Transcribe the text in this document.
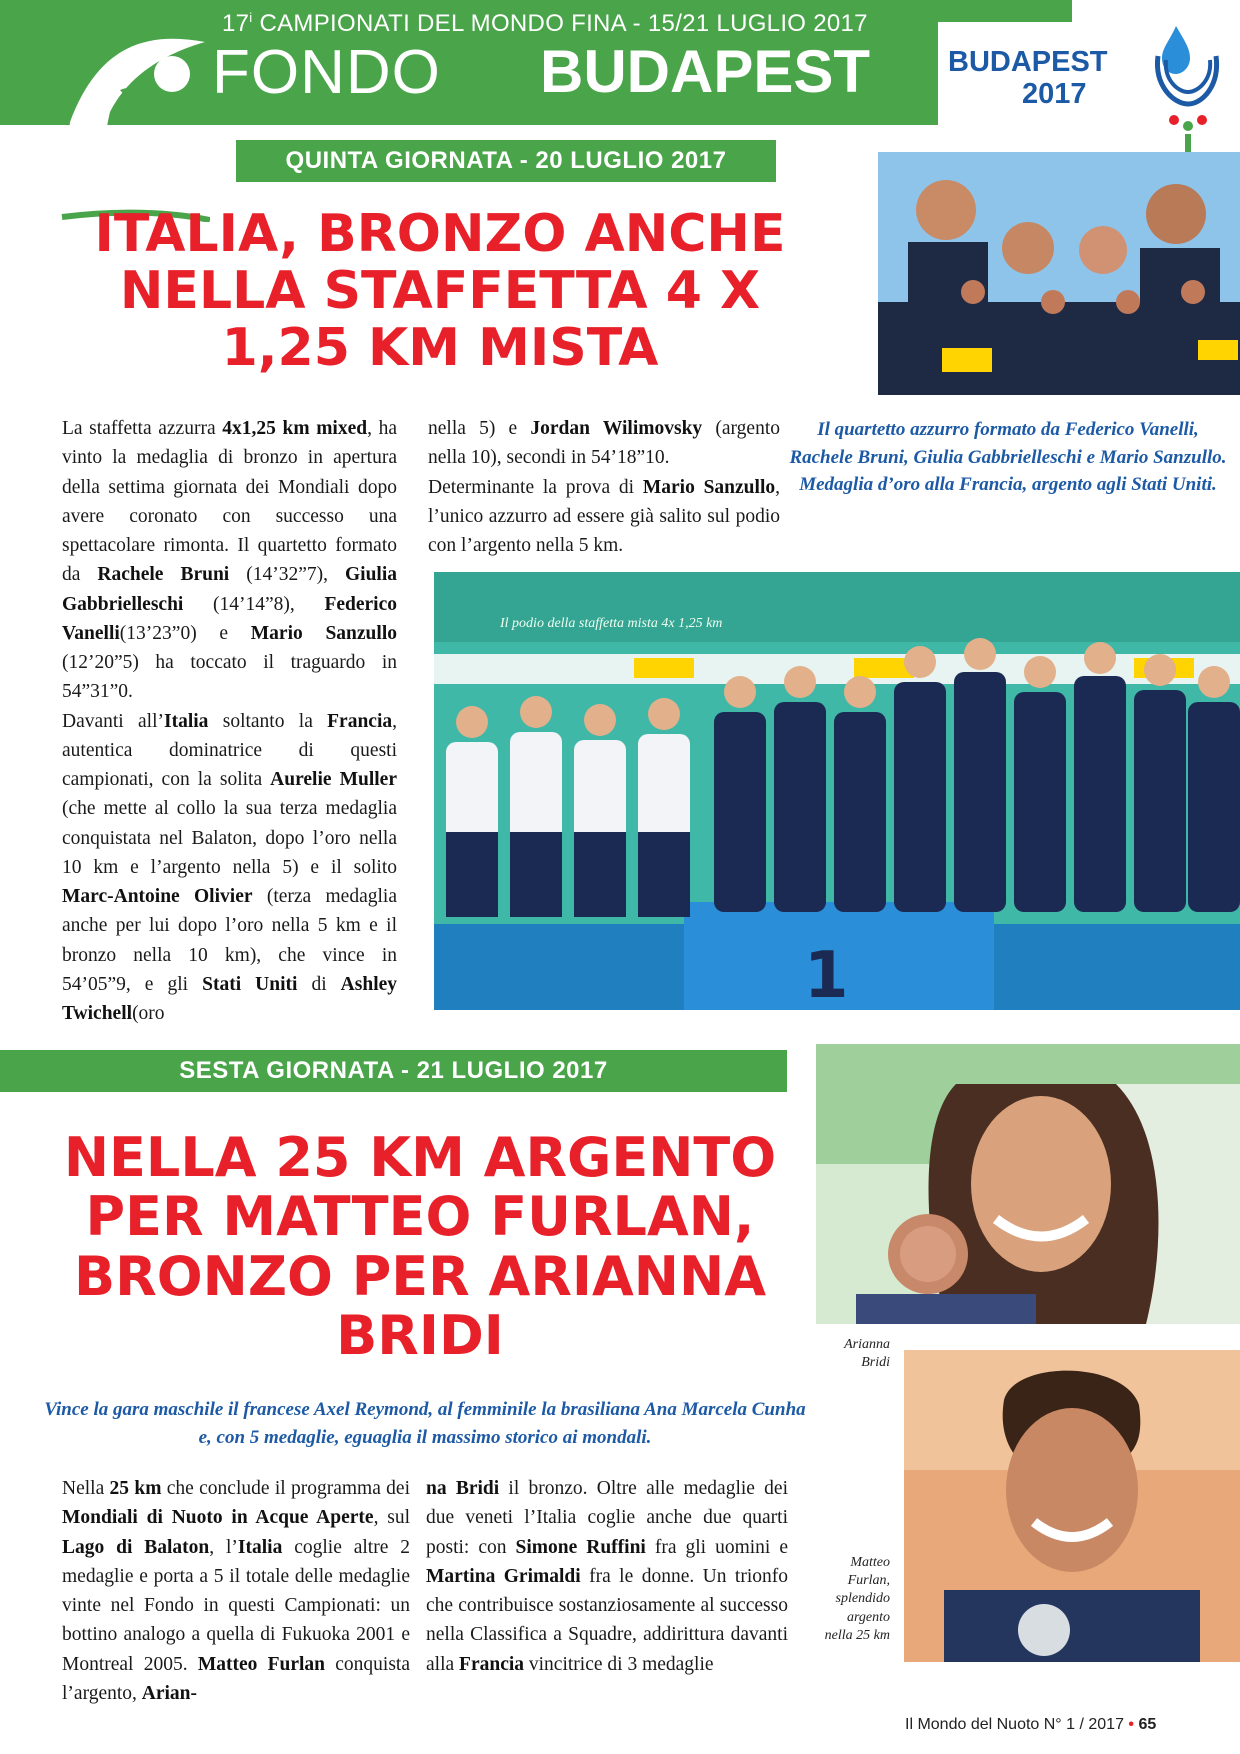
17$^i$ CAMPIONATI DEL MONDO FINA - 15/21 LUGLIO 2017
FONDO BUDAPEST	BUDAPEST
2017
QUINTA GIORNATA - 20 LUGLIO 2017
ITALIA, BRONZO ANCHE
NELLA STAFFETTA 4 X
1,25 KM MISTA
Il quartetto azzurro formato da Federico Vanelli, Rachele Bruni, Giulia Gabbrielleschi e Mario Sanzullo. Medaglia d’oro alla Francia, argento agli Stati Uniti.

La staffetta azzurra 4x1,25 km mixed, ha vinto la medaglia di bronzo in apertura della settima giornata dei Mondiali dopo avere coronato con successo una spettacolare rimonta. Il quartetto formato da Rachele Bruni (14’32”7), Giulia Gabbrielleschi (14’14”8), Federico Vanelli(13’23”0) e Mario Sanzullo (12’20”5) ha toccato il traguardo in 54”31”0.

Davanti all’Italia soltanto la Francia, autentica dominatrice di questi campionati, con la solita Aurelie Muller (che mette al collo la sua terza medaglia conquistata nel Balaton, dopo l’oro nella 10 km e l’argento nella 5) e il solito Marc-Antoine Olivier (terza medaglia anche per lui dopo l’oro nella 5 km e il bronzo nella 10 km), che vince in 54’05”9, e gli Stati Uniti di Ashley Twichell(oro

nella 5) e Jordan Wilimovsky (argento nella 10), secondi in 54’18”10.

Determinante la prova di Mario Sanzullo, l’unico azzurro ad essere già salito sul podio con l’argento nella 5 km.

1
Il podio della staffetta mista 4x 1,25 km
SESTA GIORNATA - 21 LUGLIO 2017
NELLA 25 KM ARGENTO
PER MATTEO FURLAN,
BRONZO PER ARIANNA
BRIDI
Vince la gara maschile il francese Axel Reymond, al femminile la brasiliana Ana Marcela Cunha e, con 5 medaglie, eguaglia il massimo storico ai mondali.

Nella 25 km che conclude il programma dei Mondiali di Nuoto in Acque Aperte, sul Lago di Balaton, l’Italia coglie altre 2 medaglie e porta a 5 il totale delle medaglie vinte nel Fondo in questi Campionati: un bottino analogo a quella di Fukuoka 2001 e Montreal 2005. Matteo Furlan conquista l’argento, Arian-

na Bridi il bronzo. Oltre alle medaglie dei due veneti l’Italia coglie anche due quarti posti: con Simone Ruffini fra gli uomini e Martina Grimaldi fra le donne. Un trionfo che contribuisce sostanziosamente al successo nella Classifica a Squadre, addirittura davanti alla Francia vincitrice di 3 medaglie

Arianna Bridi
Matteo Furlan, splendido argento nella 25 km
Il Mondo del Nuoto N° 1 / 2017 • 65
